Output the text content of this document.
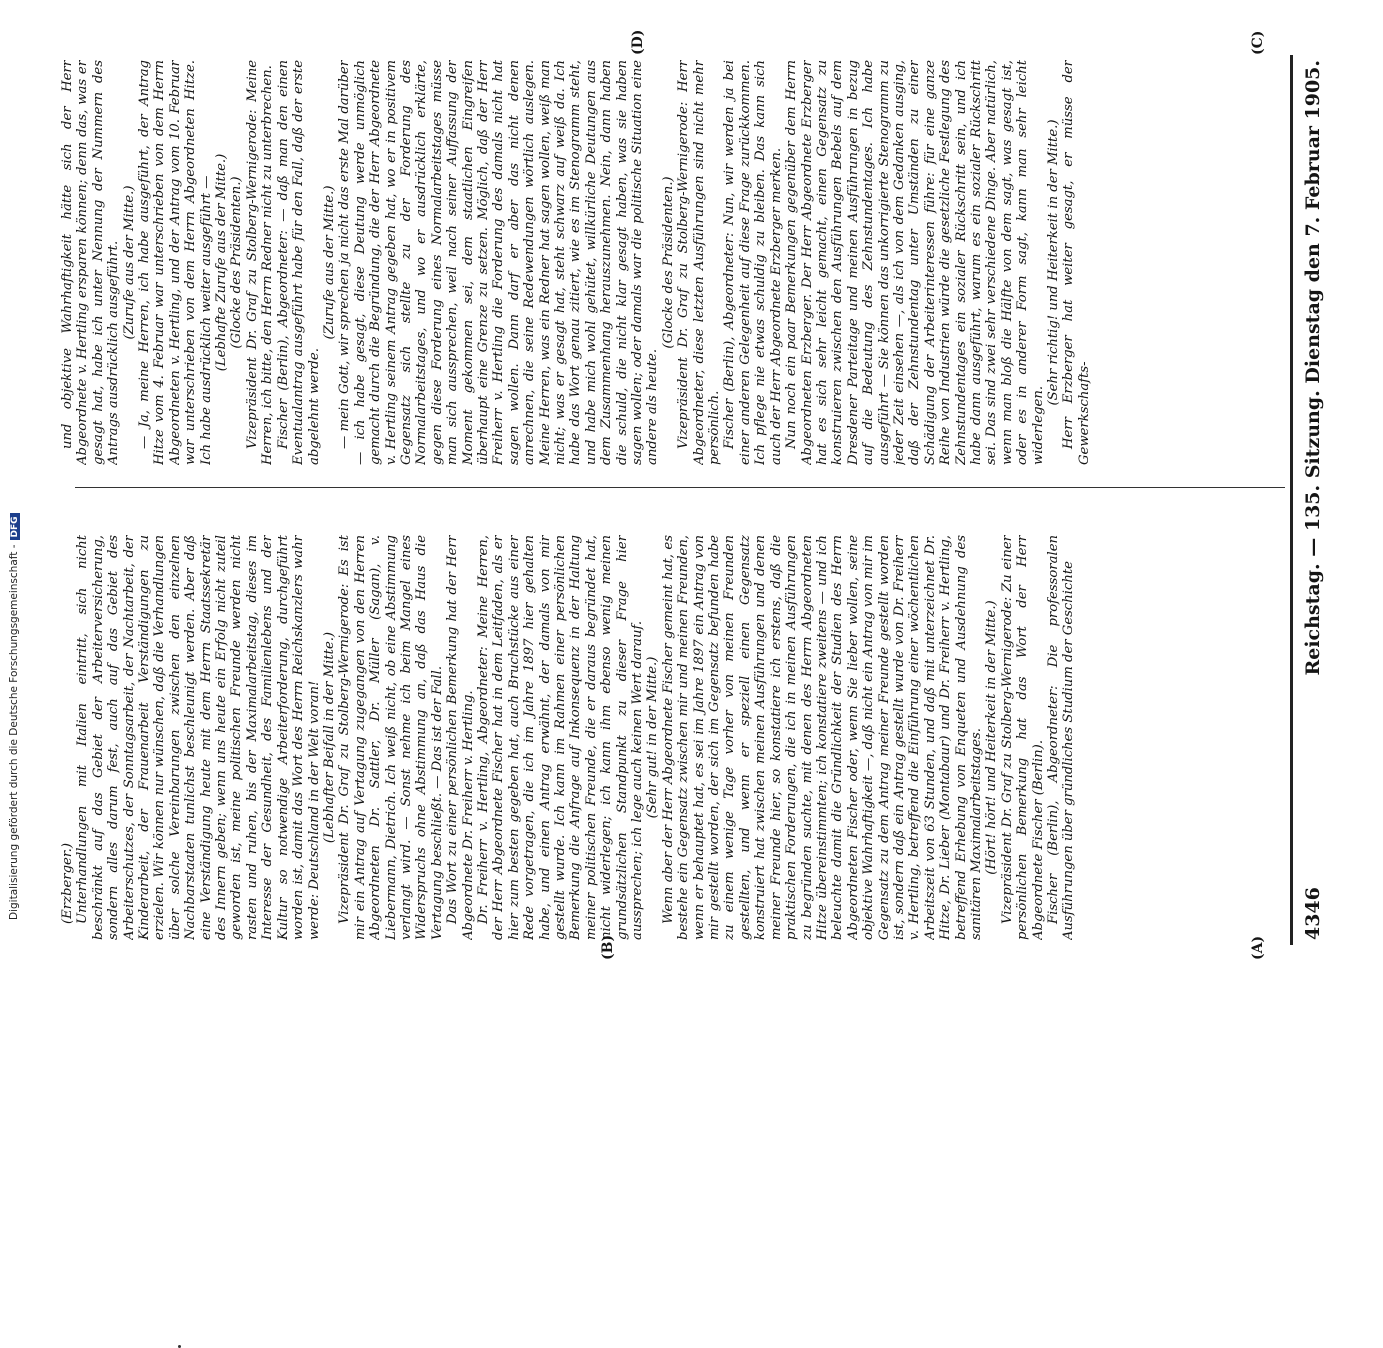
Digitalisierung gefördert durch die Deutsche Forschungsgemeinschaft -DFG
4346
Reichstag. — 135. Sitzung. Dienstag den 7. Februar 1905.
(A)
(B)
(C)
(D)

(Erzberger.) Unterhandlungen mit Italien eintritt, sich nicht beschränkt auf das Gebiet der Arbeiterversicherung, sondern alles darum fest, auch auf das Gebiet des Arbeiterschutzes, der Sonntagsarbeit, der Nachtarbeit, der Kinderarbeit, der Frauenarbeit Verständigungen zu erzielen. Wir können nur wünschen, daß die Verhandlungen über solche Vereinbarungen zwischen den einzelnen Nachbarstaaten tunlichst beschleunigt werden. Aber daß eine Verständigung heute mit dem Herrn Staatssekretär des Innern geben; wenn uns heute ein Erfolg nicht zuteil geworden ist, meine politischen Freunde werden nicht rasten und ruhen, bis der Maximalarbeitstag, dieses im Interesse der Gesundheit, des Familienlebens und der Kultur so notwendige Arbeiterforderung, durchgeführt worden ist, damit das Wort des Herrn Reichskanzlers wahr werde: Deutschland in der Welt voran! (Lebhafter Beifall in der Mitte.) Vizepräsident Dr. Graf zu Stolberg-Wernigerode: Es ist mir ein Antrag auf Vertagung zugegangen von den Herren Abgeordneten Dr. Sattler, Dr. Müller (Sagan), v. Liebermann, Dietrich. Ich weiß nicht, ob eine Abstimmung verlangt wird. — Sonst nehme ich beim Mangel eines Widerspruchs ohne Abstimmung an, daß das Haus die Vertagung beschließt. — Das ist der Fall. Das Wort zu einer persönlichen Bemerkung hat der Herr Abgeordnete Dr. Freiherr v. Hertling. Dr. Freiherr v. Hertling, Abgeordneter: Meine Herren, der Herr Abgeordnete Fischer hat in dem Leitfaden, als er hier zum besten gegeben hat, auch Bruchstücke aus einer Rede vorgetragen, die ich im Jahre 1897 hier gehalten habe, und einen Antrag erwähnt, der damals von mir gestellt wurde. Ich kann im Rahmen einer persönlichen Bemerkung die Anfrage auf Inkonsequenz in der Haltung meiner politischen Freunde, die er daraus begründet hat, nicht widerlegen; ich kann ihm ebenso wenig meinen grundsätzlichen Standpunkt zu dieser Frage hier aussprechen; ich lege auch keinen Wert darauf. (Sehr gut! in der Mitte.) Wenn aber der Herr Abgeordnete Fischer gemeint hat, es bestehe ein Gegensatz zwischen mir und meinen Freunden, wenn er behauptet hat, es sei im Jahre 1897 ein Antrag von mir gestellt worden, der sich im Gegensatz befunden habe zu einem wenige Tage vorher von meinen Freunden gestellten, und wenn er speziell einen Gegensatz konstruiert hat zwischen meinen Ausführungen und denen meiner Freunde hier, so konstatiere ich erstens, daß die praktischen Forderungen, die ich in meinen Ausführungen zu begründen suchte, mit denen des Herrn Abgeordneten Hitze übereinstimmten; ich konstatiere zweitens — und ich beleuchte damit die Gründlichkeit der Studien des Herrn Abgeordneten Fischer oder, wenn Sie lieber wollen, seine objektive Wahrhaftigkeit —, daß nicht ein Antrag von mir im Gegensatz zu dem Antrag meiner Freunde gestellt worden ist, sondern daß ein Antrag gestellt wurde von Dr. Freiherr v. Hertling, betreffend die Einführung einer wöchentlichen Arbeitszeit von 63 Stunden, und daß mit unterzeichnet Dr. Hitze, Dr. Lieber (Montabaur) und Dr. Freiherr v. Hertling, betreffend Erhebung von Enqueten und Ausdehnung des sanitären Maximalarbeitstages. (Hört! hört! und Heiterkeit in der Mitte.) Vizepräsident Dr. Graf zu Stolberg-Wernigerode: Zu einer persönlichen Bemerkung hat das Wort der Herr Abgeordnete Fischer (Berlin). Fischer (Berlin), Abgeordneter: Die professoralen Ausführungen über gründliches Studium der Geschichte

und objektive Wahrhaftigkeit hätte sich der Herr Abgeordnete v. Hertling ersparen können; denn das, was er gesagt hat, habe ich unter Nennung der Nummern des Antrags ausdrücklich ausgeführt. (Zurufe aus der Mitte.) — Ja, meine Herren, ich habe ausgeführt, der Antrag Hitze vom 4. Februar war unterschrieben von dem Herrn Abgeordneten v. Hertling, und der Antrag vom 10. Februar war unterschrieben von dem Herrn Abgeordneten Hitze. Ich habe ausdrücklich weiter ausgeführt — (Lebhafte Zurufe aus der Mitte.) (Glocke des Präsidenten.) Vizepräsident Dr. Graf zu Stolberg-Wernigerode: Meine Herren, ich bitte, den Herrn Redner nicht zu unterbrechen. Fischer (Berlin), Abgeordneter: — daß man den einen Eventualantrag ausgeführt habe für den Fall, daß der erste abgelehnt werde.

(Zurufe aus der Mitte.) — mein Gott, wir sprechen ja nicht das erste Mal darüber — ich habe gesagt, diese Deutung werde unmöglich gemacht durch die Begründung, die der Herr Abgeordnete v. Hertling seinem Antrag gegeben hat, wo er in positivem Gegensatz sich stellte zu der Forderung des Normalarbeitstages, und wo er ausdrücklich erklärte, gegen diese Forderung eines Normalarbeitstages müsse man sich aussprechen, weil nach seiner Auffassung der Moment gekommen sei, dem staatlichen Eingreifen überhaupt eine Grenze zu setzen. Möglich, daß der Herr Freiherr v. Hertling die Forderung des damals nicht hat sagen wollen. Dann darf er aber das nicht denen anrechnen, die seine Redewendungen wörtlich auslegen. Meine Herren, was ein Redner hat sagen wollen, weiß man nicht; was er gesagt hat, steht schwarz auf weiß da. Ich habe das Wort genau zitiert, wie es im Stenogramm steht, und habe mich wohl gehütet, willkürliche Deutungen aus dem Zusammenhang herauszunehmen. Nein, dann haben die schuld, die nicht klar gesagt haben, was sie haben sagen wollen; oder damals war die politische Situation eine andere als heute.

(Glocke des Präsidenten.) Vizepräsident Dr. Graf zu Stolberg-Wernigerode: Herr Abgeordneter, diese letzten Ausführungen sind nicht mehr persönlich. Fischer (Berlin), Abgeordneter: Nun, wir werden ja bei einer anderen Gelegenheit auf diese Frage zurückkommen. Ich pflege nie etwas schuldig zu bleiben. Das kann sich auch der Herr Abgeordnete Erzberger merken. Nun noch ein paar Bemerkungen gegenüber dem Herrn Abgeordneten Erzberger. Der Herr Abgeordnete Erzberger hat es sich sehr leicht gemacht, einen Gegensatz zu konstruieren zwischen den Ausführungen Bebels auf dem Dresdener Parteitage und meinen Ausführungen in bezug auf die Bedeutung des Zehnstundentages. Ich habe ausgeführt — Sie können das unkorrigierte Stenogramm zu jeder Zeit einsehen —, als ich von dem Gedanken ausging, daß der Zehnstundentag unter Umständen zu einer Schädigung der Arbeiterinteressen führe: für eine ganze Reihe von Industrien würde die gesetzliche Festlegung des Zehnstundentages ein sozialer Rückschritt sein, und ich habe dann ausgeführt, warum es ein sozialer Rückschritt sei. Das sind zwei sehr verschiedene Dinge. Aber natürlich, wenn man bloß die Hälfte von dem sagt, was gesagt ist, oder es in anderer Form sagt, kann man sehr leicht widerlegen.

(Sehr richtig! und Heiterkeit in der Mitte.) Herr Erzberger hat weiter gesagt, er müsse der Gewerkschafts-
